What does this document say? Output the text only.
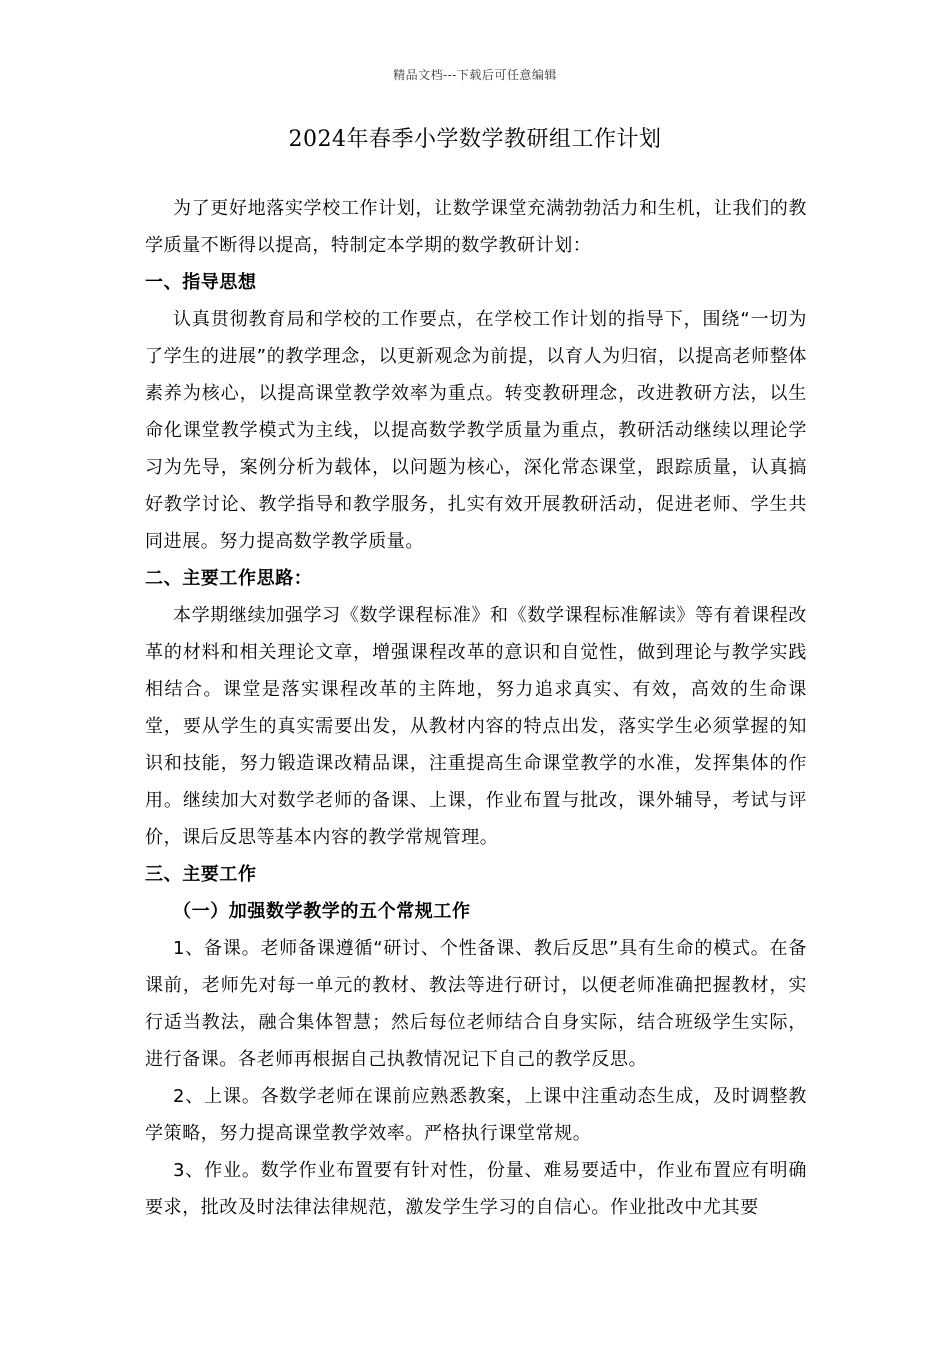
精品文档---下载后可任意编辑
2024年春季小学数学教研组工作计划

为了更好地落实学校工作计划，让数学课堂充满勃勃活力和生机，让我们的教学质量不断得以提高，特制定本学期的数学教研计划：

一、指导思想

认真贯彻教育局和学校的工作要点，在学校工作计划的指导下，围绕“一切为了学生的进展”的教学理念，以更新观念为前提，以育人为归宿，以提高老师整体素养为核心，以提高课堂教学效率为重点。转变教研理念，改进教研方法，以生命化课堂教学模式为主线，以提高数学教学质量为重点，教研活动继续以理论学习为先导，案例分析为载体，以问题为核心，深化常态课堂，跟踪质量，认真搞好教学讨论、教学指导和教学服务，扎实有效开展教研活动，促进老师、学生共同进展。努力提高数学教学质量。

二、主要工作思路：

本学期继续加强学习《数学课程标准》和《数学课程标准解读》等有着课程改革的材料和相关理论文章，增强课程改革的意识和自觉性，做到理论与教学实践相结合。课堂是落实课程改革的主阵地，努力追求真实、有效，高效的生命课堂，要从学生的真实需要出发，从教材内容的特点出发，落实学生必须掌握的知识和技能，努力锻造课改精品课，注重提高生命课堂教学的水准，发挥集体的作用。继续加大对数学老师的备课、上课，作业布置与批改，课外辅导，考试与评价，课后反思等基本内容的教学常规管理。

三、主要工作

（一）加强数学教学的五个常规工作

1、备课。老师备课遵循“研讨、个性备课、教后反思”具有生命的模式。在备课前，老师先对每一单元的教材、教法等进行研讨，以便老师准确把握教材，实行适当教法，融合集体智慧；然后每位老师结合自身实际，结合班级学生实际，进行备课。各老师再根据自己执教情况记下自己的教学反思。

2、上课。各数学老师在课前应熟悉教案，上课中注重动态生成，及时调整教学策略，努力提高课堂教学效率。严格执行课堂常规。

3、作业。数学作业布置要有针对性，份量、难易要适中，作业布置应有明确要求，批改及时法律法律规范，激发学生学习的自信心。作业批改中尤其要
